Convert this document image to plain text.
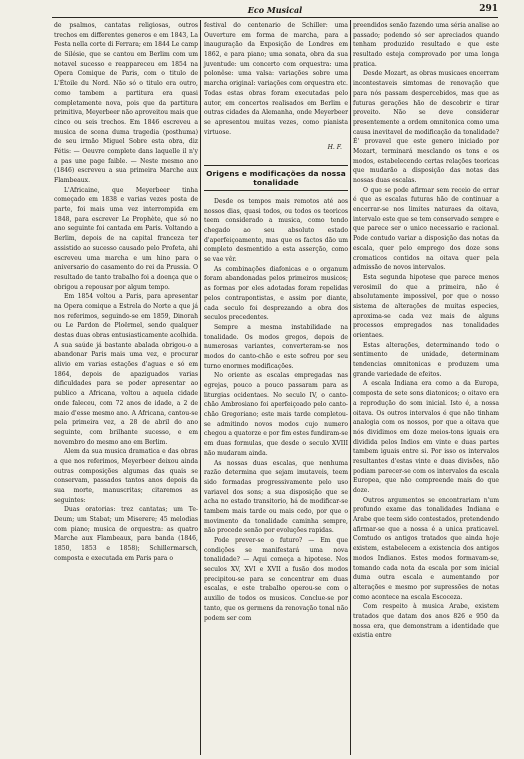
Eco Musical	291

de psalmos, cantatas religiosas, outros trechos em differentes generos e em 1843, La Festa nella corte di Ferrara; em 1844 Le camp de Silésie, que se cantou em Berlim com um notavel sucesso e reappareceu em 1854 na Opera Comique de Paris, com o titulo de L'Étoile du Nord. Não só o titulo era outro, como tambem a partitura era quasi completamente nova, pois que da partitura primitiva, Meyerbeer não aproveitou mais que cinco ou seis trechos. Em 1846 escreveu a musica de scena duma tragedia (posthuma) de seu irmão Miguel Sobre esta obra, diz Fétis: — Oeuvre complete dans laquelle il n'y a pas une page faible. — Neste mesmo ano (1846) escreveu a sua primeira Marche aux Flambeaux.

L'Africaine, que Meyerbeer tinha começado em 1838 e varias vezes posta de parte, foi mais uma vez interrompida em 1848, para escrever Le Prophète, que só no ano seguinte foi cantada em Paris. Voltando a Berlim, depois de na capital franceza ter assistido ao sucesso causado pelo Profeta, ahi escreveu uma marcha e um hino para o aniversario do casamento do rei da Prussia. O resultado de tanto trabalho foi a doença que o obrigou a repousar por algum tempo.

Em 1854 voltou a Paris, para apresentar na Opera comique a Estrela do Norte a que já nos referimos, seguindo-se em 1859, Dinorah ou Le Pardon de Ploërmel, sendo qualquer destas duas obras entusiasticamente acolhida. A sua saúde já bastante abalada obrigou-o a abandonar Paris mais uma vez, e procurar alivio em varias estações d'aguas e só em 1864, depois de apaziguados varias dificuldades para se poder apresentar ao publico a Africana, voltou a aquela cidade onde faleceu, com 72 anos de idade, a 2 de maio d'esse mesmo ano. A Africana, cantou-se pela primeira vez, a 28 de abril do ano seguinte, com brilhante sucesso, e em novembro do mesmo ano em Berlim.

Alem da sua musica dramatica e das obras a que nos referimos, Meyerbeer deixou ainda outras composições algumas das quais se conservam, passados tantos anos depois da sua morte, manuscritas; citaremos as seguintes:

Duas oratorias: trez cantatas; um Te-Deum; um Stabat; um Miserere; 45 melodias com piano; musica de orquestra: as quatro Marche aux Flambeaux, para banda (1846, 1850, 1853 e 1858); Schillermarsch, composta e executada em Paris para o

festival do centenario de Schiller: uma Ouverture em forma de marcha, para a inauguração da Exposição de Londres em 1862, e para piano; uma sonata, obra da sua juventude: um concerto com orquestra: uma polonêse: uma valsa: variações sobre uma marcha original: variações com orquestra etc. Todas estas obras foram executadas pelo autor, em concertos realisados em Berlim e outras cidades da Alemanha, onde Meyerbeer se apresentou muitas vezes, como pianista virtuose.

H. F.

Origens e modificações da nossa
tonalidade

Desde os tempos mais remotos até aos nossos dias, quasi todos, ou todos os teoricos teem considerado a musica, como tendo chegado ao seu absoluto estado d'aperfeiçoamento, mas que os factos dão um completo desmentido a esta asserção, como se vae vêr.

As combinações diafonicas e o organum foram abandonadas pelos primeiros musicos; as formas por eles adotadas foram repelidas pelos contrapontistas, e assim por diante, cada seculo foi desprezando a obra dos seculos precedentes.

Sempre a mesma instabilidade na tonalidade. Os modos gregos, depois de numerosas variantes, converteram-se nos modos do canto-chão e este sofreu por seu turno enormes modificações.

No oriente as escalas empregadas nas egrejas, pouco a pouco passaram para as liturgias ocidentaes. No seculo IV, o canto-chão Ambrosiano foi aperfeiçoado pelo canto-chão Gregoriano; este mais tarde completou-se admitindo novos modos cujo numero chegou a quatorze e por fim estes fundiram-se em duas formulas, que desde o seculo XVIII não mudaram ainda.

As nossas duas escalas, que nenhuma razão determina que sejam imutaveis, teem sido formadas progressivamente pelo uso variavel dos sons; a sua disposição que se acha no estado transitorio, há de modificar-se tambem mais tarde ou mais cedo, por que o movimento da tonalidade caminha sempre, não procede senão por evoluções rapidas.

Pode prever-se o futuro? — Em que condições se manifestará uma nova tonalidade? — Aqui começa a hipotese. Nos seculos XV, XVI e XVII a fusão dos modos precipitou-se para se concentrar em duas escalas, e este trabalho operou-se com o auxilio de todos os musicos. Conclue-se por tanto, que os germens da renovação tonal não podem ser com

preendidos senão fazendo uma séria analise ao passado; podendo só ser apreciados quando tenham produzido resultado e que este resultado esteja comprovado por uma longa pratica.

Desde Mozart, as obras musicaes encerram incontestaveis simtomas de renovação que para nós passam despercebidos, mas que as futuras gerações hão de descobrir e tirar proveito. Não se deve considerar presentemente a ordem omnitonica como uma causa inevitavel de modificação da tonalidade? É' provavel que este genero iniciado por Mozart, terminará mesclando os tons e os modos, estabelecendo certas relações teoricas que mudarão a disposição das notas das nossas duas escalas.

O que se pode afirmar sem receio de errar é que as escalas futuras hão de continuar a encerrar-se nos limites naturaes da oitava, intervalo este que se tem conservado sempre e que parece ser o unico necessario e racional. Pode contudo variar a disposição das notas da escala, quer pelo emprego dos doze sons cromaticos contidos na oitava quer pela admissão de novos intervalos.

Esta segunda hipotese que parece menos verosimil do que a primeira, não é absolutamente impossivel, por que o nosso sistema de alterações de muitas especies, aproxima-se cada vez mais de alguns processos empregados nas tonalidades orientaes.

Estas alterações, determinando todo o sentimento de unidade, determinam tendencias omnitonicas e produzem uma grande variedade de efeitos.

A escala Indiana era como a da Europa, composta de sete sons diatonicos; o oitavo era a reprodução do som inicial. Isto é, a nossa oitava. Os outros intervalos é que não tinham analogia com os nossos, por que a oitava que nós dividimos em doze meios-tons iguais era dividida pelos Indios em vinte e duas partes tambem iguais entre si. Por isso os intervalos resultantes d'estas vinte e duas divisões, não podiam parecer-se com os intervalos da escala Europea, que não compreende mais do que doze.

Outros argumentos se encontrariam n'um profundo exame das tonalidades Indiana e Arabe que teem sido contestados, pretendendo afirmar-se que a nossa é a unica praticavel. Comtudo os antigos tratados que ainda hoje existem, estabelecem a existencia dos antigos modos Indianos. Estes modos formavam-se, tomando cada nota da escala por som inicial duma outra escala e aumentando por alterações e mesmo por supressões de notas como acontece na escala Escoceza.

Com respeito à musica Arabe, existem tratados que datam dos anos 826 e 950 da nossa era, que demonstram a identidade que existia entre
